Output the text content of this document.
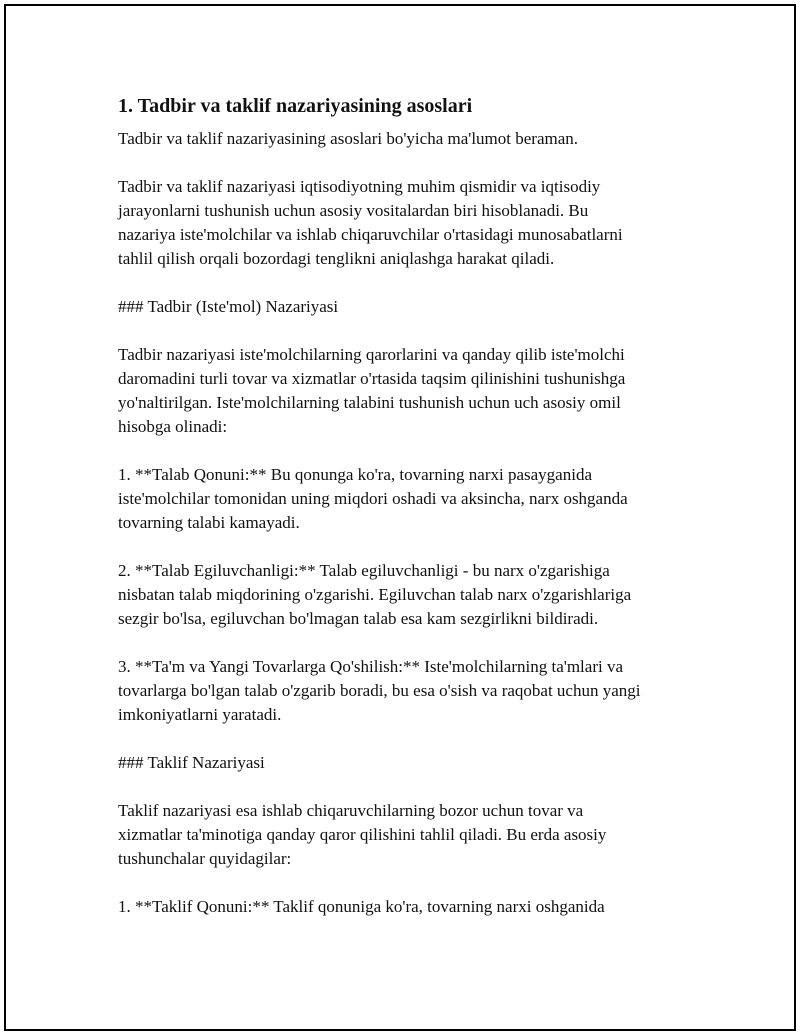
1. Tadbir va taklif nazariyasining asoslari

Tadbir va taklif nazariyasining asoslari bo'yicha ma'lumot beraman.

Tadbir va taklif nazariyasi iqtisodiyotning muhim qismidir va iqtisodiy
jarayonlarni tushunish uchun asosiy vositalardan biri hisoblanadi. Bu
nazariya iste'molchilar va ishlab chiqaruvchilar o'rtasidagi munosabatlarni
tahlil qilish orqali bozordagi tenglikni aniqlashga harakat qiladi.

### Tadbir (Iste'mol) Nazariyasi

Tadbir nazariyasi iste'molchilarning qarorlarini va qanday qilib iste'molchi
daromadini turli tovar va xizmatlar o'rtasida taqsim qilinishini tushunishga
yo'naltirilgan. Iste'molchilarning talabini tushunish uchun uch asosiy omil
hisobga olinadi:

1. **Talab Qonuni:** Bu qonunga ko'ra, tovarning narxi pasayganida
iste'molchilar tomonidan uning miqdori oshadi va aksincha, narx oshganda
tovarning talabi kamayadi.

2. **Talab Egiluvchanligi:** Talab egiluvchanligi - bu narx o'zgarishiga
nisbatan talab miqdorining o'zgarishi. Egiluvchan talab narx o'zgarishlariga
sezgir bo'lsa, egiluvchan bo'lmagan talab esa kam sezgirlikni bildiradi.

3. **Ta'm va Yangi Tovarlarga Qo'shilish:** Iste'molchilarning ta'mlari va
tovarlarga bo'lgan talab o'zgarib boradi, bu esa o'sish va raqobat uchun yangi
imkoniyatlarni yaratadi.

### Taklif Nazariyasi

Taklif nazariyasi esa ishlab chiqaruvchilarning bozor uchun tovar va
xizmatlar ta'minotiga qanday qaror qilishini tahlil qiladi. Bu erda asosiy
tushunchalar quyidagilar:

1. **Taklif Qonuni:** Taklif qonuniga ko'ra, tovarning narxi oshganida
